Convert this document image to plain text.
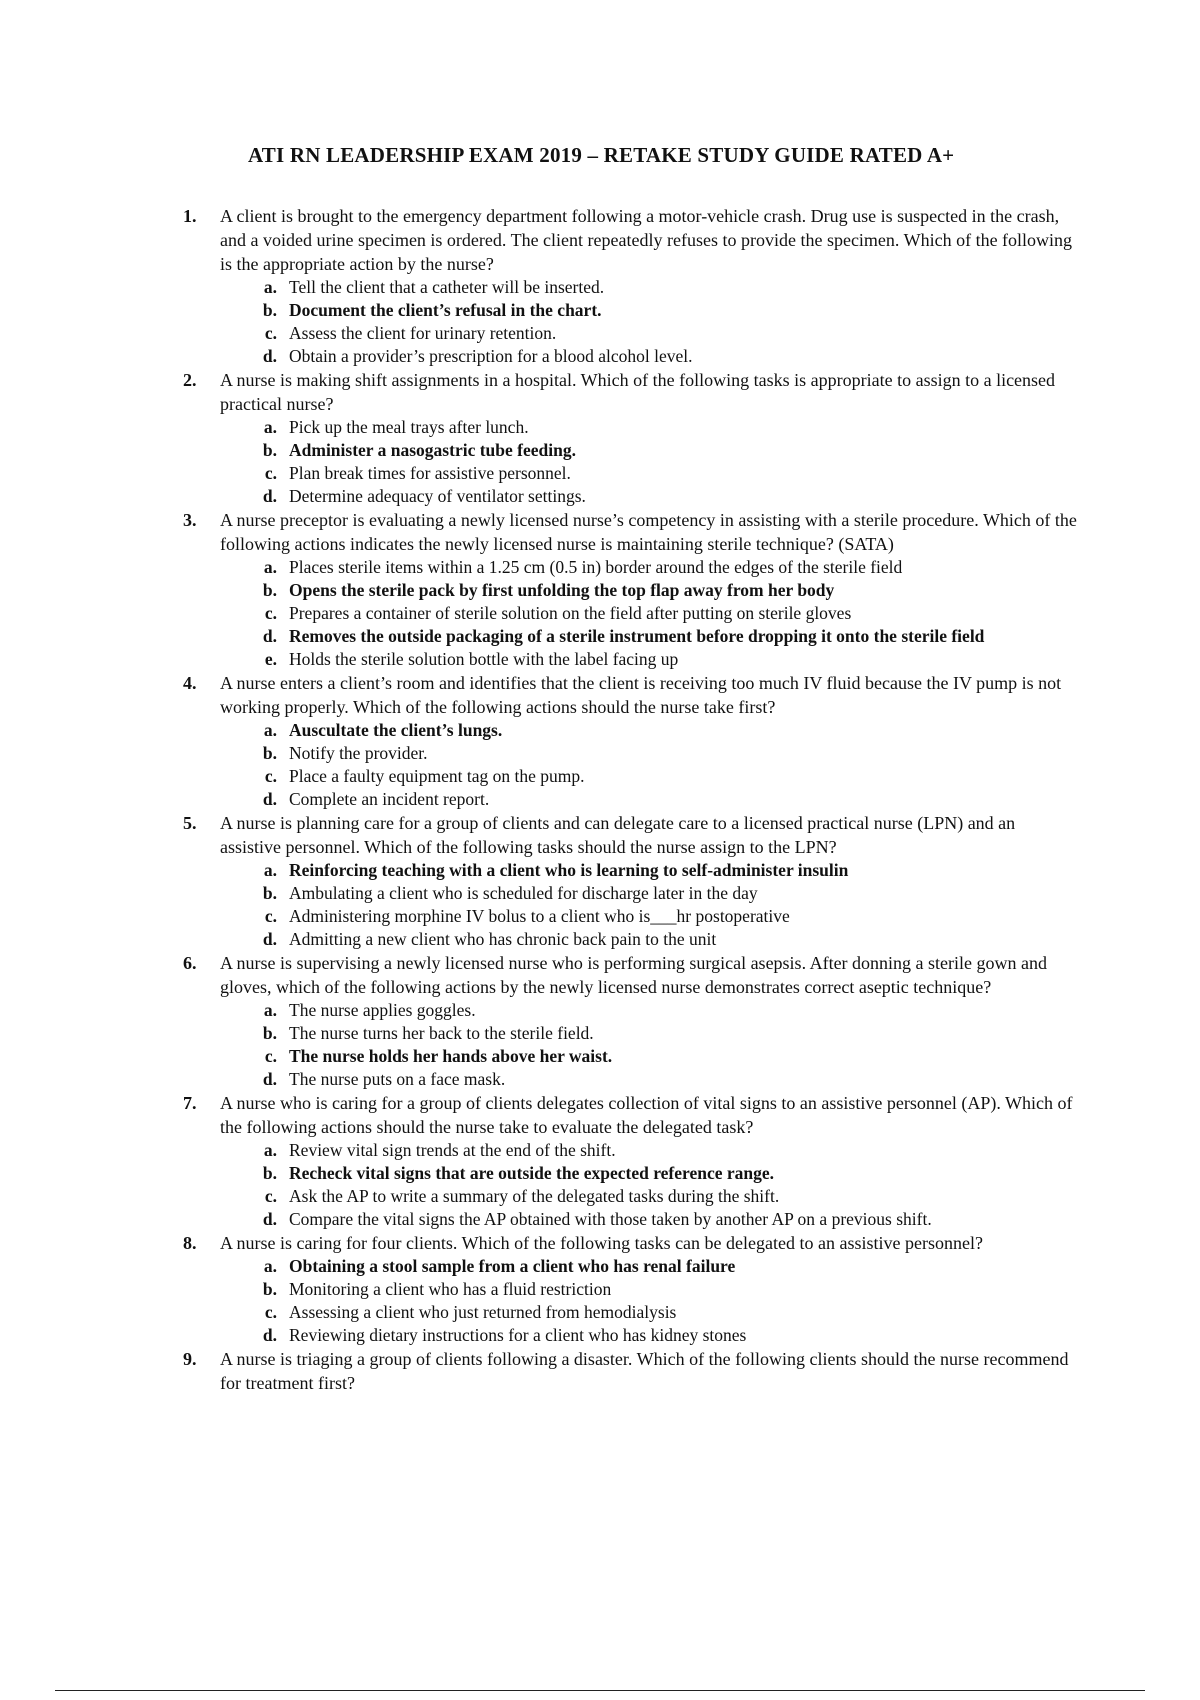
ATI RN LEADERSHIP EXAM 2019 – RETAKE STUDY GUIDE RATED A+
1.	A client is brought to the emergency department following a motor-vehicle crash. Drug use is suspected in the crash, and a voided urine specimen is ordered. The client repeatedly refuses to provide the specimen. Which of the following is the appropriate action by the nurse?
a. Tell the client that a catheter will be inserted.
b. Document the client’s refusal in the chart.
c. Assess the client for urinary retention.
d. Obtain a provider’s prescription for a blood alcohol level.
2.	A nurse is making shift assignments in a hospital. Which of the following tasks is appropriate to assign to a licensed practical nurse?
a. Pick up the meal trays after lunch.
b. Administer a nasogastric tube feeding.
c. Plan break times for assistive personnel.
d. Determine adequacy of ventilator settings.
3.	A nurse preceptor is evaluating a newly licensed nurse’s competency in assisting with a sterile procedure. Which of the following actions indicates the newly licensed nurse is maintaining sterile technique? (SATA)
a. Places sterile items within a 1.25 cm (0.5 in) border around the edges of the sterile field
b. Opens the sterile pack by first unfolding the top flap away from her body
c. Prepares a container of sterile solution on the field after putting on sterile gloves
d. Removes the outside packaging of a sterile instrument before dropping it onto the sterile field
e. Holds the sterile solution bottle with the label facing up
4.	A nurse enters a client’s room and identifies that the client is receiving too much IV fluid because the IV pump is not working properly. Which of the following actions should the nurse take first?
a. Auscultate the client’s lungs.
b. Notify the provider.
c. Place a faulty equipment tag on the pump.
d. Complete an incident report.
5.	A nurse is planning care for a group of clients and can delegate care to a licensed practical nurse (LPN) and an assistive personnel. Which of the following tasks should the nurse assign to the LPN?
a. Reinforcing teaching with a client who is learning to self-administer insulin
b. Ambulating a client who is scheduled for discharge later in the day
c. Administering morphine IV bolus to a client who is___hr postoperative
d. Admitting a new client who has chronic back pain to the unit
6.	A nurse is supervising a newly licensed nurse who is performing surgical asepsis. After donning a sterile gown and gloves, which of the following actions by the newly licensed nurse demonstrates correct aseptic technique?
a. The nurse applies goggles.
b. The nurse turns her back to the sterile field.
c. The nurse holds her hands above her waist.
d. The nurse puts on a face mask.
7.	A nurse who is caring for a group of clients delegates collection of vital signs to an assistive personnel (AP). Which of the following actions should the nurse take to evaluate the delegated task?
a. Review vital sign trends at the end of the shift.
b. Recheck vital signs that are outside the expected reference range.
c. Ask the AP to write a summary of the delegated tasks during the shift.
d. Compare the vital signs the AP obtained with those taken by another AP on a previous shift.
8.	A nurse is caring for four clients. Which of the following tasks can be delegated to an assistive personnel?
a. Obtaining a stool sample from a client who has renal failure
b. Monitoring a client who has a fluid restriction
c. Assessing a client who just returned from hemodialysis
d. Reviewing dietary instructions for a client who has kidney stones
9.	A nurse is triaging a group of clients following a disaster. Which of the following clients should the nurse recommend for treatment first?
